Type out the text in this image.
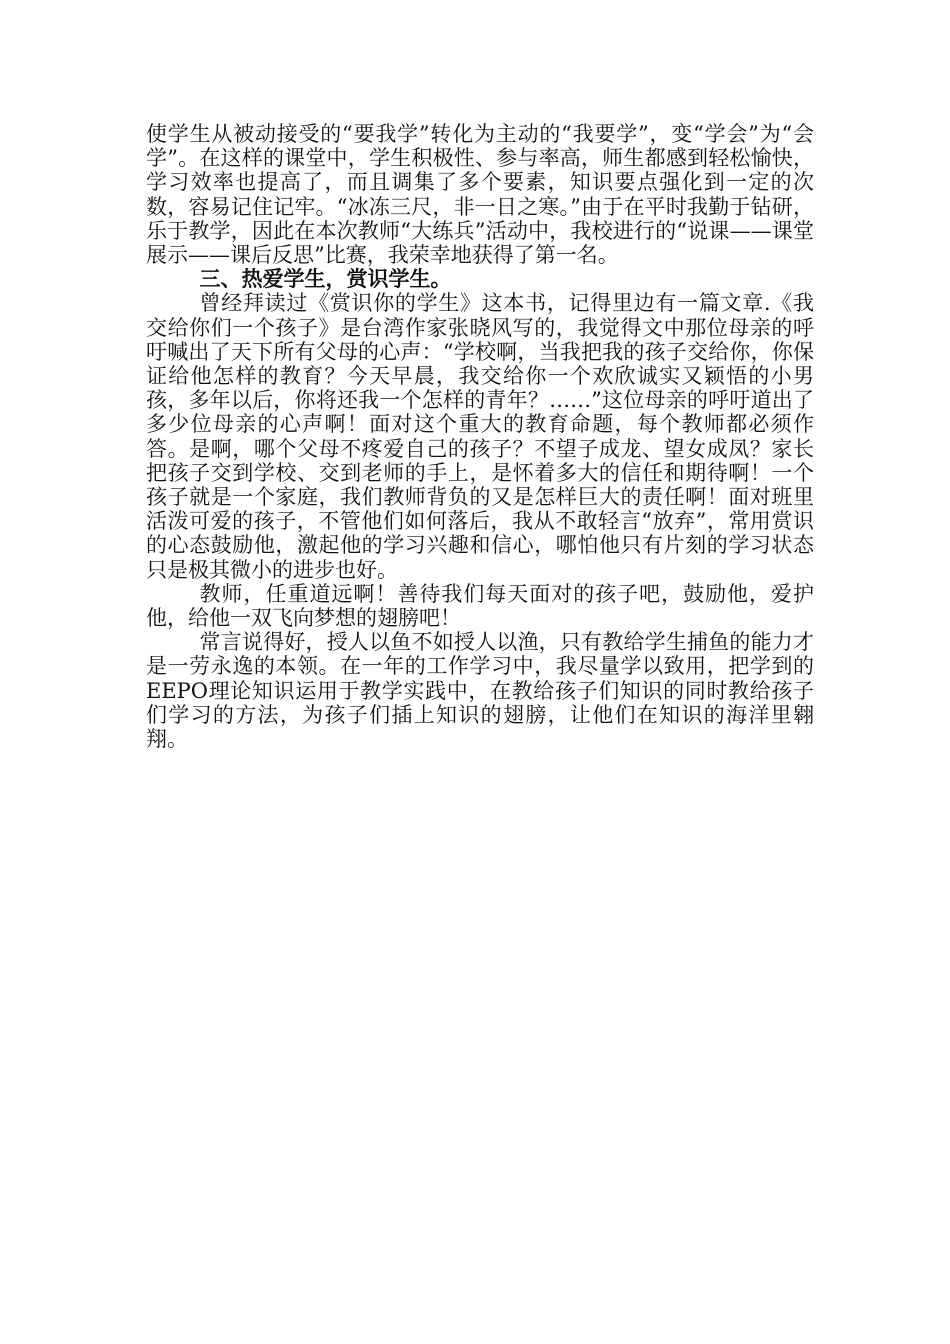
使学生从被动接受的“要我学”转化为主动的“我要学”，变“学会”为“会学”。在这样的课堂中，学生积极性、参与率高，师生都感到轻松愉快，学习效率也提高了，而且调集了多个要素，知识要点强化到一定的次数，容易记住记牢。“冰冻三尺，非一日之寒。”由于在平时我勤于钻研，乐于教学，因此在本次教师“大练兵”活动中，我校进行的“说课——课堂展示——课后反思”比赛，我荣幸地获得了第一名。

三、热爱学生，赏识学生。

曾经拜读过《赏识你的学生》这本书，记得里边有一篇文章.《我交给你们一个孩子》是台湾作家张晓风写的，我觉得文中那位母亲的呼吁喊出了天下所有父母的心声：“学校啊，当我把我的孩子交给你，你保证给他怎样的教育？今天早晨，我交给你一个欢欣诚实又颖悟的小男孩，多年以后，你将还我一个怎样的青年？……”这位母亲的呼吁道出了多少位母亲的心声啊！面对这个重大的教育命题，每个教师都必须作答。是啊，哪个父母不疼爱自己的孩子？不望子成龙、望女成凤？家长把孩子交到学校、交到老师的手上，是怀着多大的信任和期待啊！一个孩子就是一个家庭，我们教师背负的又是怎样巨大的责任啊！面对班里活泼可爱的孩子，不管他们如何落后，我从不敢轻言“放弃”，常用赏识的心态鼓励他，激起他的学习兴趣和信心，哪怕他只有片刻的学习状态只是极其微小的进步也好。

教师，任重道远啊！善待我们每天面对的孩子吧，鼓励他，爱护他，给他一双飞向梦想的翅膀吧！

常言说得好，授人以鱼不如授人以渔，只有教给学生捕鱼的能力才是一劳永逸的本领。在一年的工作学习中，我尽量学以致用，把学到的EEPO理论知识运用于教学实践中，在教给孩子们知识的同时教给孩子们学习的方法，为孩子们插上知识的翅膀，让他们在知识的海洋里翱翔。
